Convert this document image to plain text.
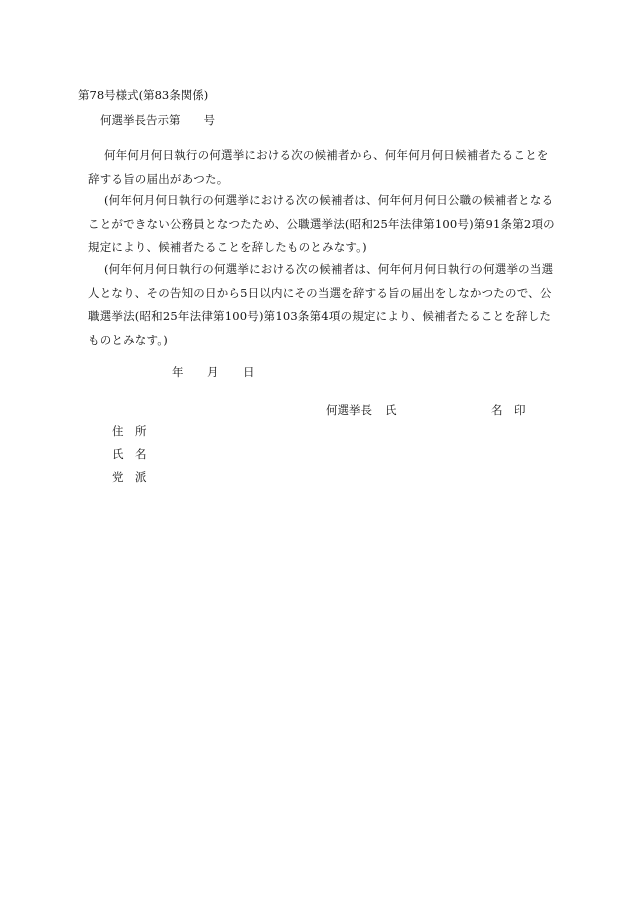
第78号様式(第83条関係)
何選挙長告示第　　号
何年何月何日執行の何選挙における次の候補者から、何年何月何日候補者たることを辞する旨の届出があつた。
(何年何月何日執行の何選挙における次の候補者は、何年何月何日公職の候補者となることができない公務員となつたため、公職選挙法(昭和25年法律第100号)第91条第2項の規定により、候補者たることを辞したものとみなす。)
(何年何月何日執行の何選挙における次の候補者は、何年何月何日執行の何選挙の当選人となり、その告知の日から5日以内にその当選を辞する旨の届出をしなかつたので、公職選挙法(昭和25年法律第100号)第103条第4項の規定により、候補者たることを辞したものとみなす。)
年 月 日
何選挙長 氏	名 印
住　所
氏　名
党　派
